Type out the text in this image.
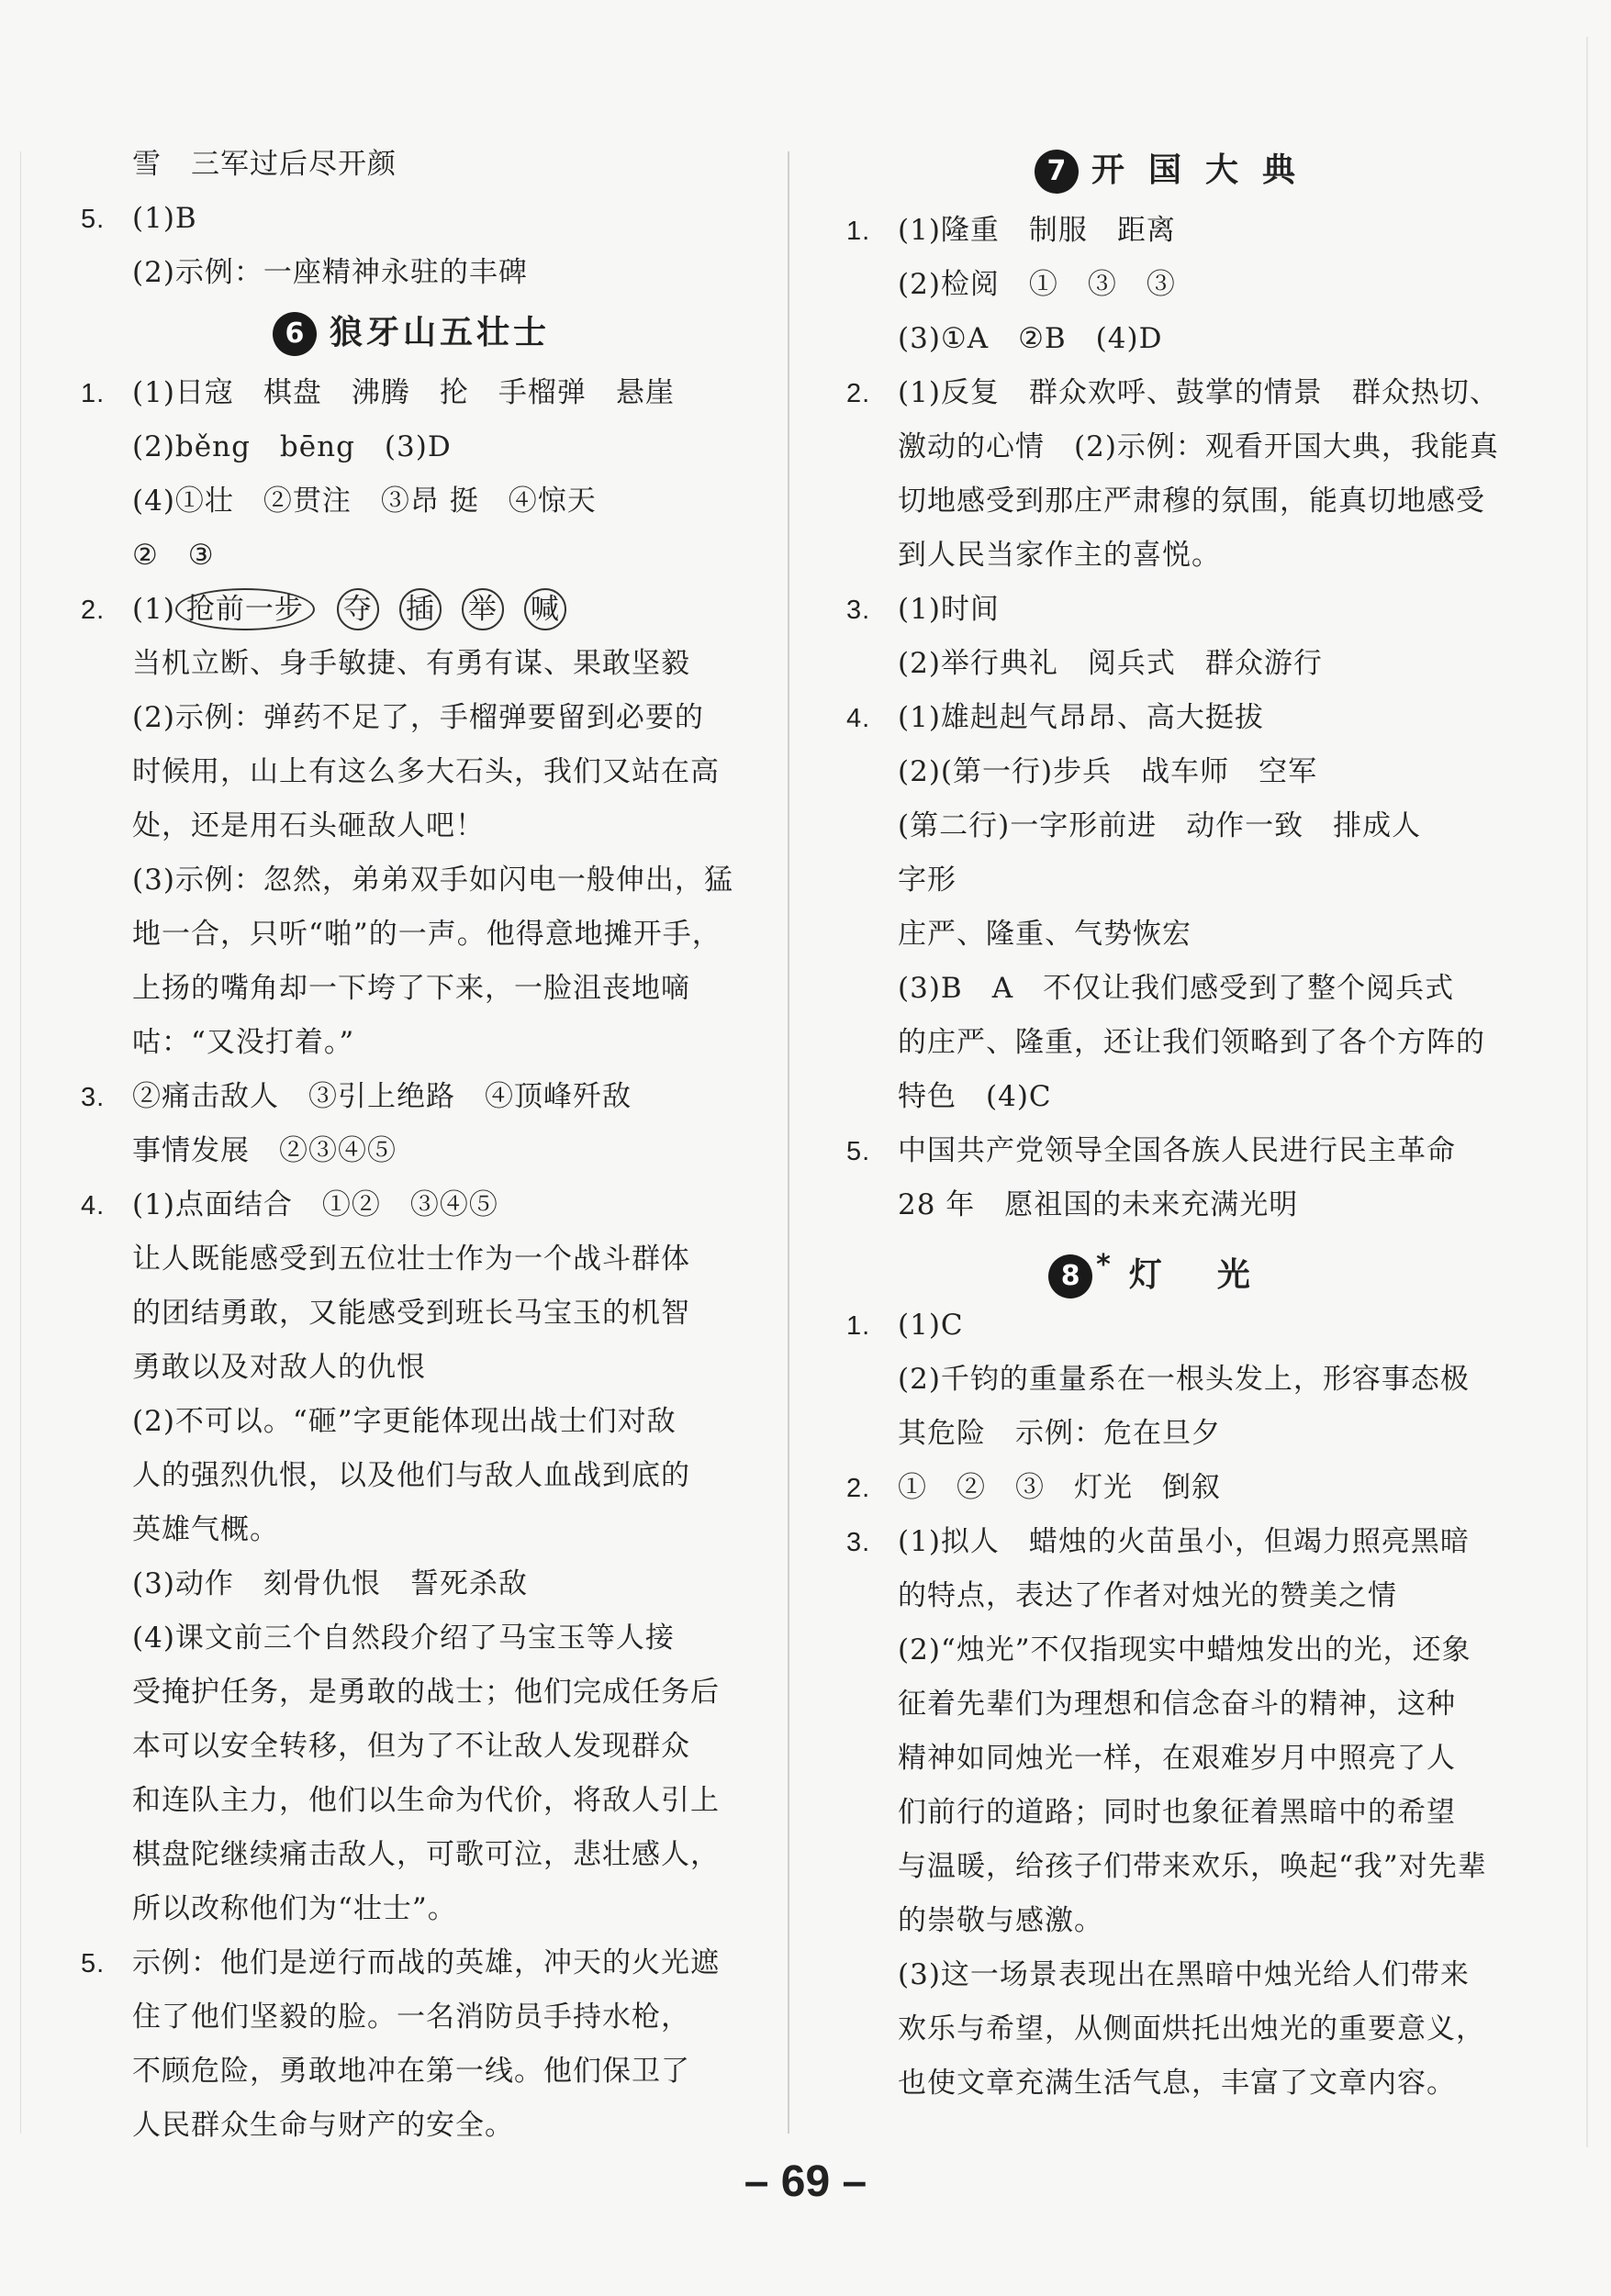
雪　三军过后尽开颜
5. (1)B
(2)示例：一座精神永驻的丰碑
6 狼牙山五壮士
1. (1)日寇　棋盘　沸腾　抡　手榴弹　悬崖
(2)běng　bēng　(3)D
(4)①壮　②贯注　③昂 挺　④惊天
②　③
2. (1) 抢前一步 夺 插 举 喊
当机立断、身手敏捷、有勇有谋、果敢坚毅
(2)示例：弹药不足了，手榴弹要留到必要的
时候用，山上有这么多大石头，我们又站在高
处，还是用石头砸敌人吧！
(3)示例：忽然，弟弟双手如闪电一般伸出，猛
地一合，只听“啪”的一声。他得意地摊开手，
上扬的嘴角却一下垮了下来，一脸沮丧地嘀
咕：“又没打着。”
3. ②痛击敌人　③引上绝路　④顶峰歼敌
事情发展　②③④⑤
4. (1)点面结合　①②　③④⑤
让人既能感受到五位壮士作为一个战斗群体
的团结勇敢，又能感受到班长马宝玉的机智
勇敢以及对敌人的仇恨
(2)不可以。“砸”字更能体现出战士们对敌
人的强烈仇恨，以及他们与敌人血战到底的
英雄气概。
(3)动作　刻骨仇恨　誓死杀敌
(4)课文前三个自然段介绍了马宝玉等人接
受掩护任务，是勇敢的战士；他们完成任务后
本可以安全转移，但为了不让敌人发现群众
和连队主力，他们以生命为代价，将敌人引上
棋盘陀继续痛击敌人，可歌可泣，悲壮感人，
所以改称他们为“壮士”。
5. 示例：他们是逆行而战的英雄，冲天的火光遮
住了他们坚毅的脸。一名消防员手持水枪，
不顾危险，勇敢地冲在第一线。他们保卫了
人民群众生命与财产的安全。
7 开国大典
1. (1)隆重　制服　距离
(2)检阅　①　③　③
(3)①A　②B　(4)D
2. (1)反复　群众欢呼、鼓掌的情景　群众热切、
激动的心情　(2)示例：观看开国大典，我能真
切地感受到那庄严肃穆的氛围，能真切地感受
到人民当家作主的喜悦。
3. (1)时间
(2)举行典礼　阅兵式　群众游行
4. (1)雄赳赳气昂昂、高大挺拔
(2)(第一行)步兵　战车师　空军
(第二行)一字形前进　动作一致　排成人
字形
庄严、隆重、气势恢宏
(3)B　A　不仅让我们感受到了整个阅兵式
的庄严、隆重，还让我们领略到了各个方阵的
特色　(4)C
5. 中国共产党领导全国各族人民进行民主革命
28 年　愿祖国的未来充满光明
8 * 灯光
1. (1)C
(2)千钧的重量系在一根头发上，形容事态极
其危险　示例：危在旦夕
2. ①　②　③　灯光　倒叙
3. (1)拟人　蜡烛的火苗虽小，但竭力照亮黑暗
的特点，表达了作者对烛光的赞美之情
(2)“烛光”不仅指现实中蜡烛发出的光，还象
征着先辈们为理想和信念奋斗的精神，这种
精神如同烛光一样，在艰难岁月中照亮了人
们前行的道路；同时也象征着黑暗中的希望
与温暖，给孩子们带来欢乐，唤起“我”对先辈
的崇敬与感激。
(3)这一场景表现出在黑暗中烛光给人们带来
欢乐与希望，从侧面烘托出烛光的重要意义，
也使文章充满生活气息，丰富了文章内容。
– 69 –
